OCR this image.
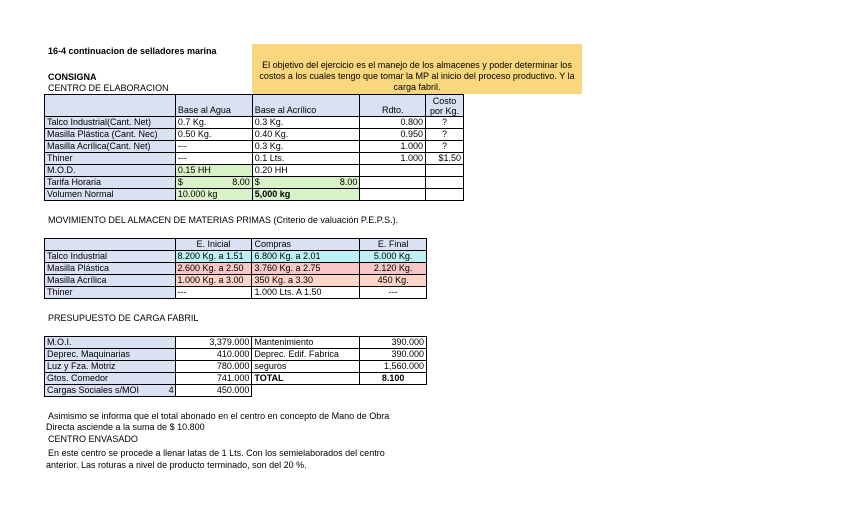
16-4 continuacion de selladores marina
El objetivo del ejercicio es el manejo de los almacenes y poder determinar los costos a los cuales tengo que tomar la MP al inicio del proceso productivo. Y la carga fabril.
CONSIGNA
CENTRO DE ELABORACION
	Base al Agua	Base al Acrílico	Rdto.	Costo por Kg.
Talco Industrial(Cant. Net)	0.7 Kg.	0.3 Kg.	0.800	?
Masilla Plástica (Cant. Nec)	0.50 Kg.	0.40 Kg.	0.950	?
Masilla Acrílica(Cant. Net)	---	0.3 Kg.	1.000	?
Thiner	---	0.1 Lts.	1.000	$1.50
M.O.D.	0.15 HH	0.20 HH		
Tarifa Horaria	$ 8.00	$ 8.00		

Volumen Normal	10.000 kg	5,000 kg		
MOVIMIENTO DEL ALMACEN DE MATERIAS PRIMAS (Criterio de valuación P.E.P.S.).
	E. Inicial	Compras	E. Final
Talco Industrial	8.200 Kg. a 1.51	6.800 Kg. a 2.01	5.000 Kg.
Masilla Plástica	2.600 Kg. a 2.50	3.760 Kg. a 2.75	2.120 Kg.
Masilla Acrílica	1.000 Kg. a 3.00	350 Kg. a 3.30	450 Kg.
Thiner	---	1.000 Lts. A 1.50	---
PRESUPUESTO DE CARGA FABRIL
M.O.I.	3,379.000	Mantenimiento	390.000
Deprec. Maquinarias	410.000	Deprec. Edif. Fabrica	390.000
Luz y Fza. Motriz	780.000	seguros	1,560.000
Gtos. Comedor	741.000	TOTAL	8.100
Cargas Sociales s/MOI 4	450.000		
Asimismo se informa que el total abonado en el centro en concepto de Mano de Obra
Directa asciende a la suma de $ 10.800
CENTRO ENVASADO
En este centro se procede a llenar latas de 1 Lts. Con los semielaborados del centro
anterior. Las roturas a nivel de producto terminado, son del 20 %.
